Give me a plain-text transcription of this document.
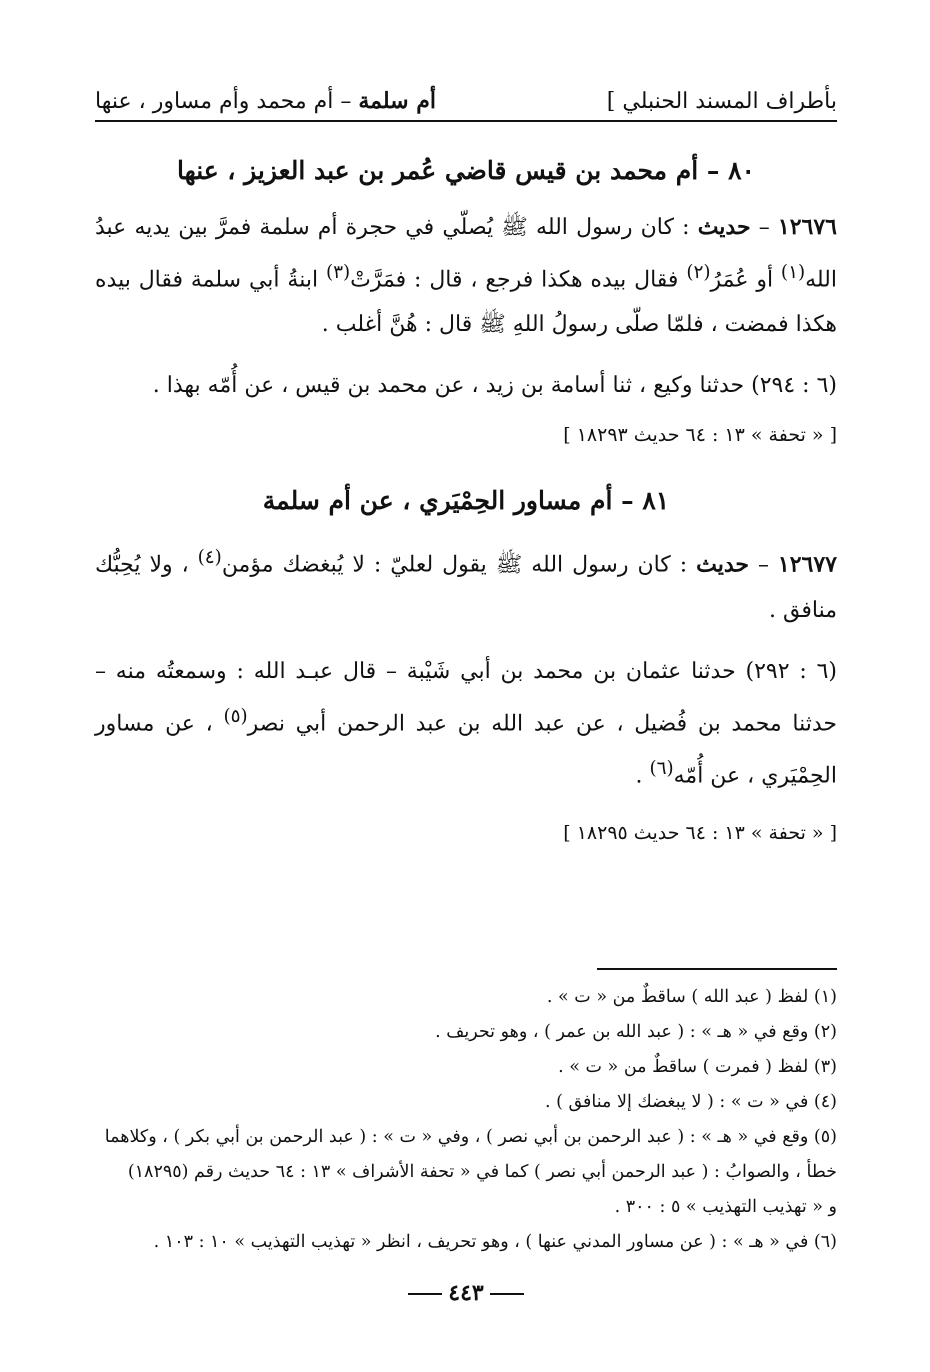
بأطراف المسند الحنبلي ]
أم سلمة – أم محمد وأم مساور ، عنها
٨٠ – أم محمد بن قيس قاضي عُمر بن عبد العزيز ، عنها

١٢٦٧٦ – حديث : كان رسول الله ﷺ يُصلّي في حجرة أم سلمة فمرَّ بين يديه عبدُ الله$^{(١)}$ أو عُمَرُ$^{(٢)}$ فقال بيده هكذا فرجع ، قال : فمَرَّتْ$^{(٣)}$ ابنةُ أبي سلمة فقال بيده هكذا فمضت ، فلمّا صلّى رسولُ اللهِ ﷺ قال : هُنَّ أغلب .

(٦ : ٢٩٤) حدثنا وكيع ، ثنا أسامة بن زيد ، عن محمد بن قيس ، عن أُمّه بهذا .

[ « تحفة » ١٣ : ٦٤ حديث ١٨٢٩٣ ]
٨١ – أم مساور الحِمْيَري ، عن أم سلمة

١٢٦٧٧ – حديث : كان رسول الله ﷺ يقول لعليّ : لا يُبغضك مؤمن$^{(٤)}$ ، ولا يُحِبُّك منافق .

(٦ : ٢٩٢) حدثنا عثمان بن محمد بن أبي شَيْبة – قال عبـد الله : وسمعتُه منه – حدثنا محمد بن فُضيل ، عن عبد الله بن عبد الرحمن أبي نصر$^{(٥)}$ ، عن مساور الحِمْيَري ، عن أُمّه$^{(٦)}$ .

[ « تحفة » ١٣ : ٦٤ حديث ١٨٢٩٥ ]
(١) لفظ ( عبد الله ) ساقطٌ من « ت » .
(٢) وقع في « هـ » : ( عبد الله بن عمر ) ، وهو تحريف .
(٣) لفظ ( فمرت ) ساقطٌ من « ت » .
(٤) في « ت » : ( لا يبغضك إلا منافق ) .
(٥) وقع في « هـ » : ( عبد الرحمن بن أبي نصر ) ، وفي « ت » : ( عبد الرحمن بن أبي بكر ) ، وكلاهما
خطأ ، والصوابُ : ( عبد الرحمن أبي نصر ) كما في « تحفة الأشراف » ١٣ : ٦٤ حديث رقم (١٨٢٩٥)
و « تهذيب التهذيب » ٥ : ٣٠٠ .
(٦) في « هـ » : ( عن مساور المدني عنها ) ، وهو تحريف ، انظر « تهذيب التهذيب » ١٠ : ١٠٣ .
٤٤٣
